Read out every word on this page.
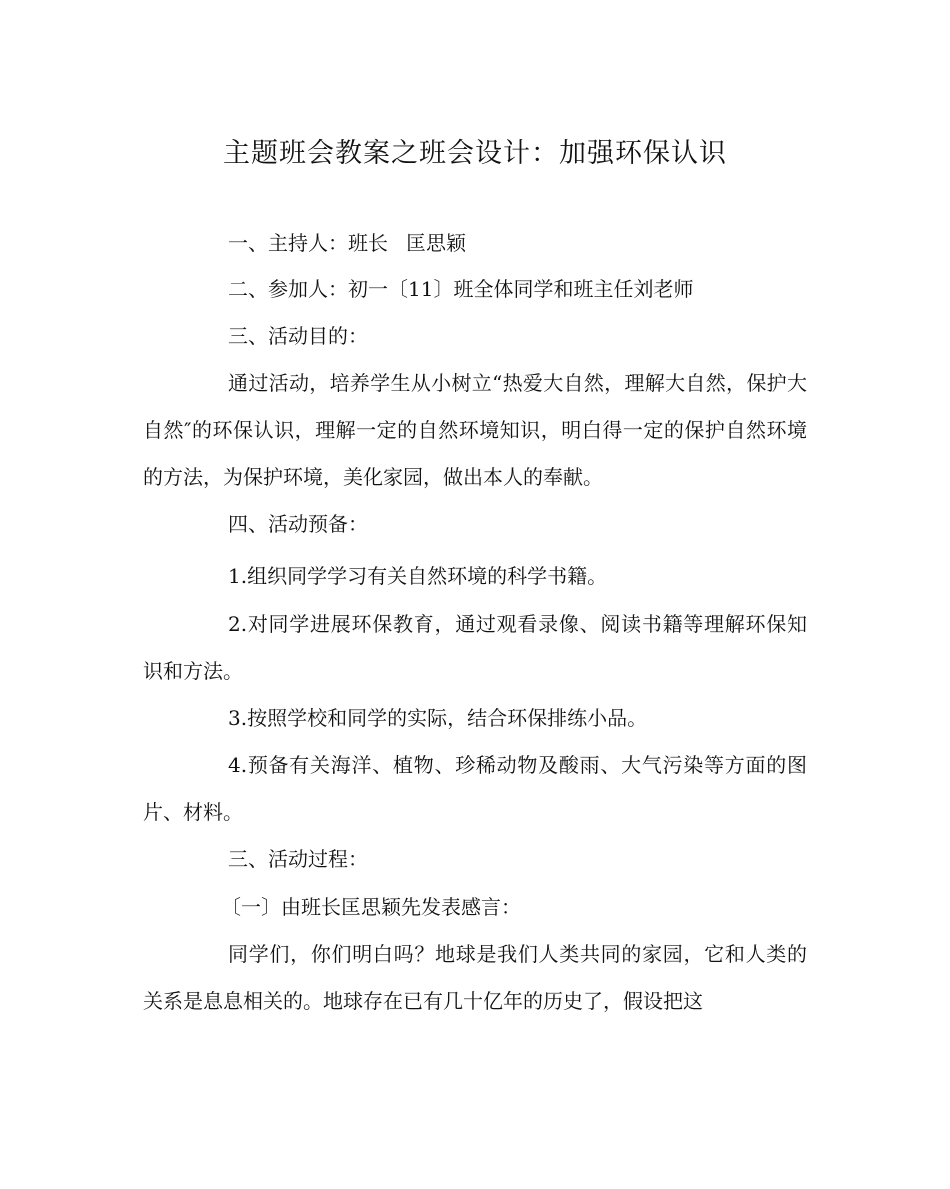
主题班会教案之班会设计：加强环保认识

一、主持人：班长 匡思颖

二、参加人：初一〔11〕班全体同学和班主任刘老师

三、活动目的：

通过活动，培养学生从小树立“热爱大自然，理解大自然，保护大自然″的环保认识，理解一定的自然环境知识，明白得一定的保护自然环境的方法，为保护环境，美化家园，做出本人的奉献。

四、活动预备：

1.组织同学学习有关自然环境的科学书籍。

2.对同学进展环保教育，通过观看录像、阅读书籍等理解环保知识和方法。

3.按照学校和同学的实际，结合环保排练小品。

4.预备有关海洋、植物、珍稀动物及酸雨、大气污染等方面的图片、材料。

三、活动过程：

〔一〕由班长匡思颖先发表感言：

同学们，你们明白吗？地球是我们人类共同的家园，它和人类的关系是息息相关的。地球存在已有几十亿年的历史了，假设把这
